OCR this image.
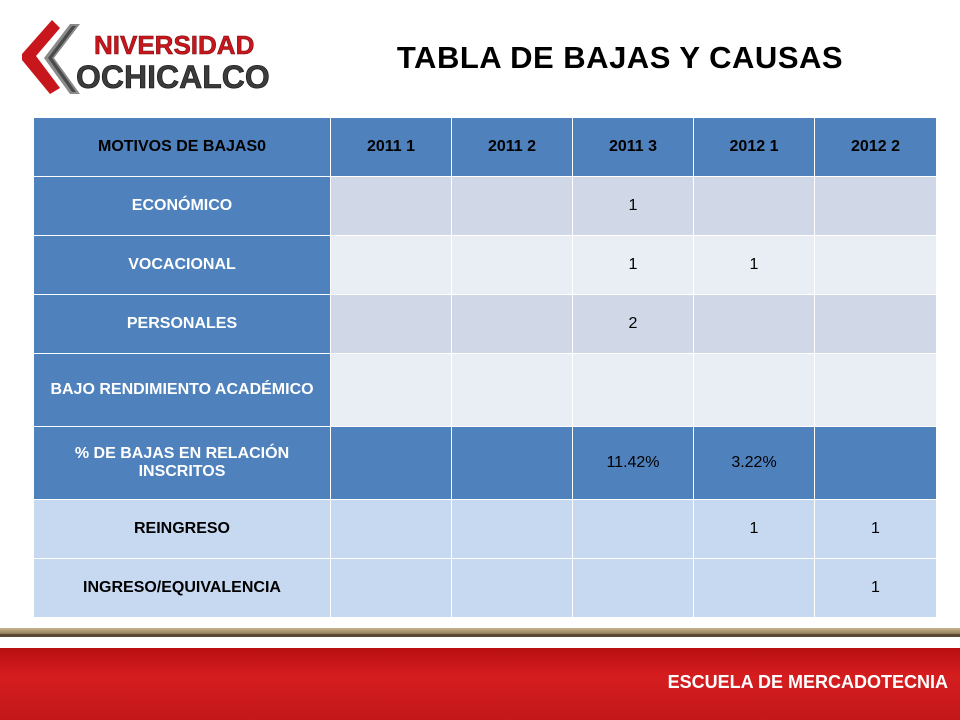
NIVERSIDAD
OCHICALCO
TABLA DE BAJAS Y CAUSAS
MOTIVOS DE BAJAS0	2011 1	2011 2	2011 3	2012 1	2012 2
ECONÓMICO			1		
VOCACIONAL			1	1	
PERSONALES			2		
BAJO RENDIMIENTO ACADÉMICO					
% DE BAJAS EN RELACIÓN INSCRITOS			11.42%	3.22%	
REINGRESO				1	1
INGRESO/EQUIVALENCIA					1
ESCUELA DE MERCADOTECNIA
